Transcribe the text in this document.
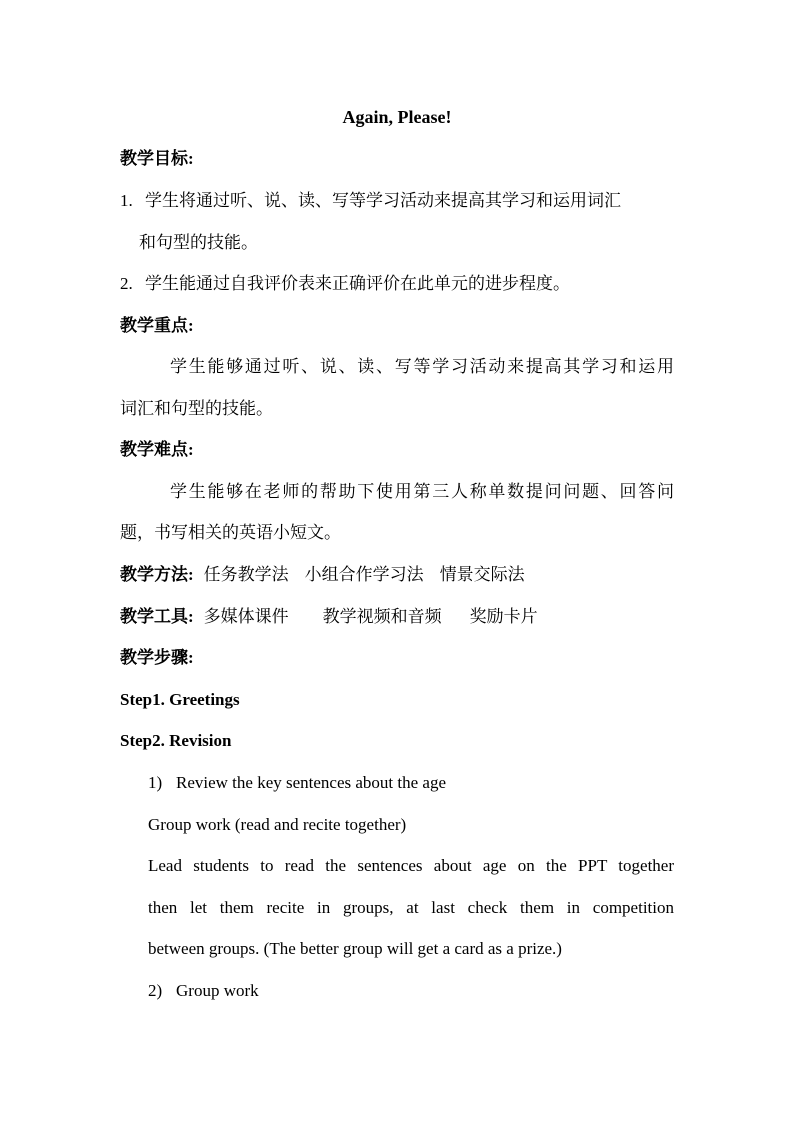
Again, Please!
教学目标:
1. 学生将通过听、说、读、写等学习活动来提高其学习和运用词汇
和句型的技能。
2. 学生能通过自我评价表来正确评价在此单元的进步程度。
教学重点:
学生能够通过听、说、读、写等学习活动来提高其学习和运用
词汇和句型的技能。
教学难点:
学生能够在老师的帮助下使用第三人称单数提问问题、回答问
题，书写相关的英语小短文。
教学方法: 任务教学法 小组合作学习法 情景交际法
教学工具: 多媒体课件 教学视频和音频 奖励卡片
教学步骤:
Step1. Greetings
Step2. Revision
1) Review the key sentences about the age
Group work (read and recite together)
Lead students to read the sentences about age on the PPT together
then let them recite in groups, at last check them in competition
between groups. (The better group will get a card as a prize.)
2) Group work
